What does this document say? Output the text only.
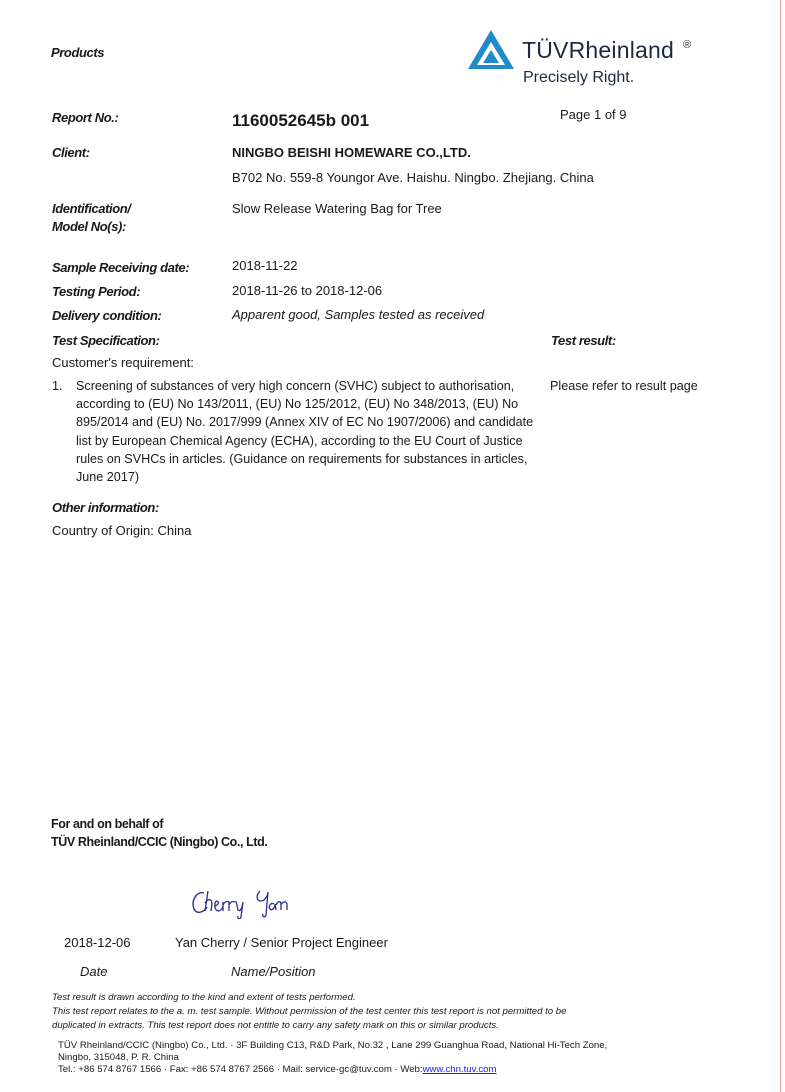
Products	TÜVRheinland ®
Precisely Right.
Report No.:	1160052645b 001	Page 1 of 9
Client:	NINGBO BEISHI HOMEWARE CO.,LTD.
B702 No. 559-8 Youngor Ave. Haishu. Ningbo. Zhejiang. China
Identification/
Model No(s):
Slow Release Watering Bag for Tree
Sample Receiving date:	2018-11-22
Testing Period:	2018-11-26 to 2018-12-06
Delivery condition:	Apparent good, Samples tested as received
Test Specification:	Test result:
Customer's requirement:
1.	Screening of substances of very high concern (SVHC) subject to authorisation, according to (EU) No 143/2011, (EU) No 125/2012, (EU) No 348/2013, (EU) No 895/2014 and (EU) No. 2017/999 (Annex XIV of EC No 1907/2006) and candidate list by European Chemical Agency (ECHA), according to the EU Court of Justice rules on SVHCs in articles. (Guidance on requirements for substances in articles, June 2017)
Please refer to result page
Other information:
Country of Origin: China
For and on behalf of
TÜV Rheinland/CCIC (Ningbo) Co., Ltd.
2018-12-06	Yan Cherry / Senior Project Engineer
Date	Name/Position
Test result is drawn according to the kind and extent of tests performed.
This test report relates to the a. m. test sample. Without permission of the test center this test report is not permitted to be
duplicated in extracts. This test report does not entitle to carry any safety mark on this or similar products.
TÜV Rheinland/CCIC (Ningbo) Co., Ltd. · 3F Building C13, R&D Park, No.32 , Lane 299 Guanghua Road, National Hi-Tech Zone,
Ningbo, 315048, P. R. China
Tel.: +86 574 8767 1566 · Fax: +86 574 8767 2566 · Mail: service-gc@tuv.com · Web:www.chn.tuv.com
